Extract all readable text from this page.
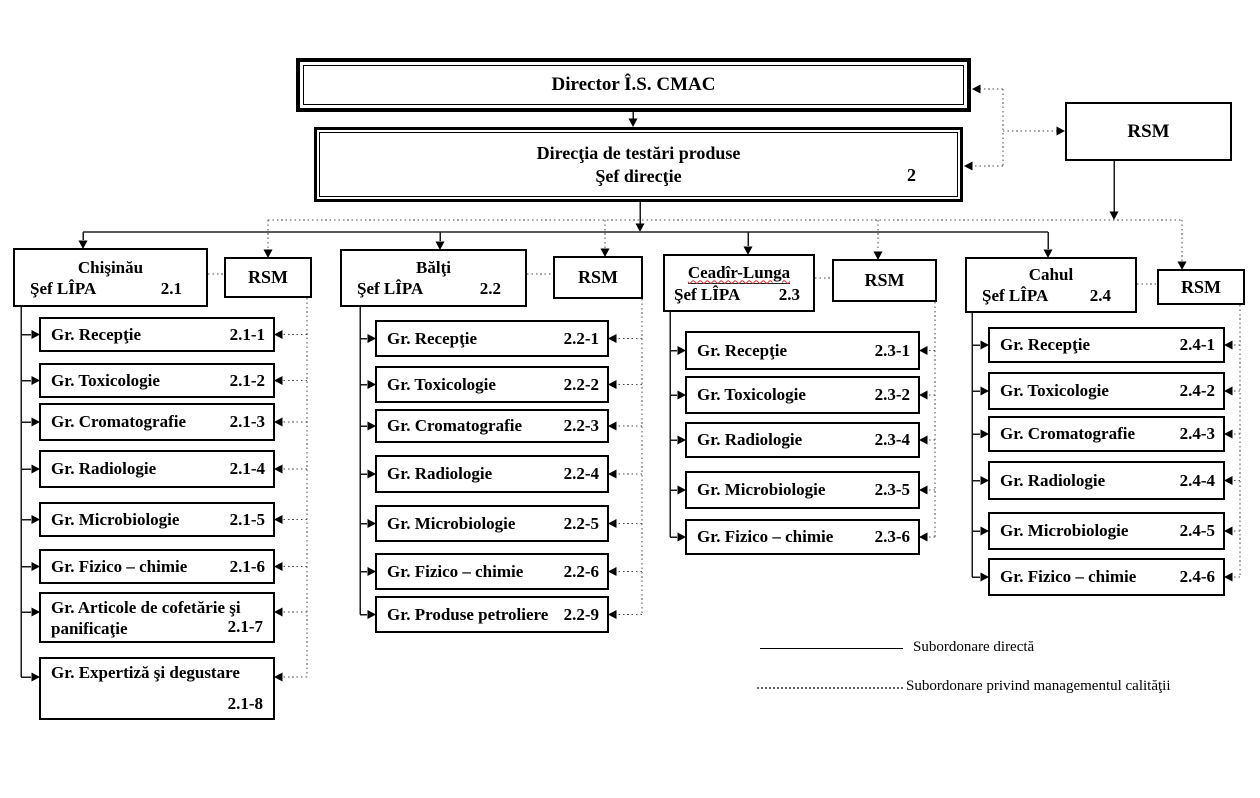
Director Î.S. CMAC
Direcţia de testări produse
Şef direcţie	2
RSM
Chişinău
Şef LÎPA	2.1
RSM
Gr. Recepţie	2.1-1
Gr. Toxicologie	2.1-2
Gr. Cromatografie	2.1-3
Gr. Radiologie	2.1-4
Gr. Microbiologie	2.1-5
Gr. Fizico – chimie 2.1-6
Gr. Articole de cofetărie şi panificaţie	2.1-7
Gr. Expertiză şi degustare
2.1-8
Bălţi
Şef LÎPA	2.2
RSM
Gr. Recepţie	2.2-1
Gr. Toxicologie	2.2-2
Gr. Cromatografie 2.2-3
Gr. Radiologie	2.2-4
Gr. Microbiologie	2.2-5
Gr. Fizico – chimie 2.2-6
Gr. Produse petroliere 2.2-9
Ceadîr-Lunga
Şef LÎPA 2.3
RSM
Gr. Recepţie	2.3-1
Gr. Toxicologie	2.3-2
Gr. Radiologie	2.3-4
Gr. Microbiologie	2.3-5
Gr. Fizico – chimie 2.3-6
Cahul
Şef LÎPA 2.4	RSM
Gr. Recepţie	2.4-1
Gr. Toxicologie	2.4-2
Gr. Cromatografie	2.4-3
Gr. Radiologie	2.4-4
Gr. Microbiologie	2.4-5
Gr. Fizico – chimie	2.4-6
Subordonare directă
Subordonare privind managementul calităţii
